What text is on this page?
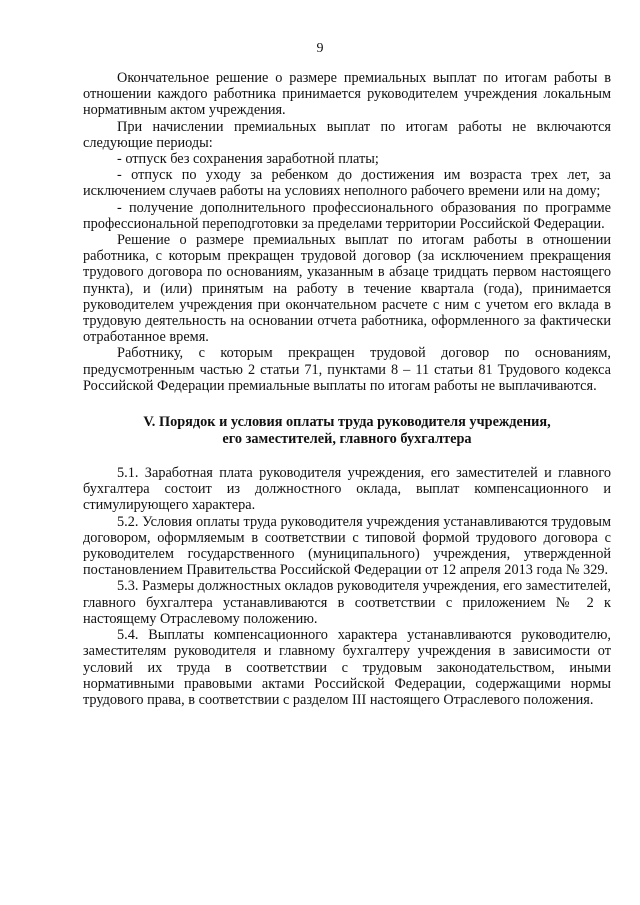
9

Окончательное решение о размере премиальных выплат по итогам работы в отношении каждого работника принимается руководителем учреждения локальным нормативным актом учреждения.

При начислении премиальных выплат по итогам работы не включаются следующие периоды:

- отпуск без сохранения заработной платы;

- отпуск по уходу за ребенком до достижения им возраста трех лет, за исключением случаев работы на условиях неполного рабочего времени или на дому;

- получение дополнительного профессионального образования по программе профессиональной переподготовки за пределами территории Российской Федерации.

Решение о размере премиальных выплат по итогам работы в отношении работника, с которым прекращен трудовой договор (за исключением прекращения трудового договора по основаниям, указанным в абзаце тридцать первом настоящего пункта), и (или) принятым на работу в течение квартала (года), принимается руководителем учреждения при окончательном расчете с ним с учетом его вклада в трудовую деятельность на основании отчета работника, оформленного за фактически отработанное время.

Работнику, с которым прекращен трудовой договор по основаниям, предусмотренным частью 2 статьи 71, пунктами 8 – 11 статьи 81 Трудового кодекса Российской Федерации премиальные выплаты по итогам работы не выплачиваются.

V. Порядок и условия оплаты труда руководителя учреждения,
его заместителей, главного бухгалтера

5.1. Заработная плата руководителя учреждения, его заместителей и главного бухгалтера состоит из должностного оклада, выплат компенсационного и стимулирующего характера.

5.2. Условия оплаты труда руководителя учреждения устанавливаются трудовым договором, оформляемым в соответствии с типовой формой трудового договора с руководителем государственного (муниципального) учреждения, утвержденной постановлением Правительства Российской Федерации от 12 апреля 2013 года № 329.

5.3. Размеры должностных окладов руководителя учреждения, его заместителей, главного бухгалтера устанавливаются в соответствии с приложением № 2 к настоящему Отраслевому положению.

5.4. Выплаты компенсационного характера устанавливаются руководителю, заместителям руководителя и главному бухгалтеру учреждения в зависимости от условий их труда в соответствии с трудовым законодательством, иными нормативными правовыми актами Российской Федерации, содержащими нормы трудового права, в соответствии с разделом III настоящего Отраслевого положения.
